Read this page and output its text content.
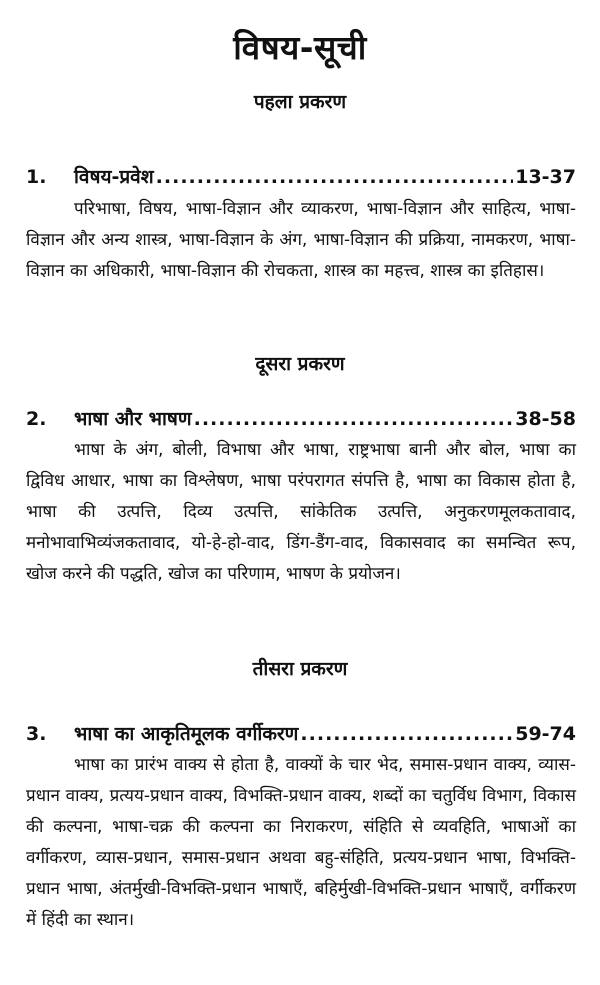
विषय-सूची
पहला प्रकरण
1.	विषय-प्रवेश .....	13-37

परिभाषा, विषय, भाषा-विज्ञान और व्याकरण, भाषा-विज्ञान और साहित्य, भाषा-विज्ञान और अन्य शास्त्र, भाषा-विज्ञान के अंग, भाषा-विज्ञान की प्रक्रिया, नामकरण, भाषा-विज्ञान का अधिकारी, भाषा-विज्ञान की रोचकता, शास्त्र का महत्त्व, शास्त्र का इतिहास।

दूसरा प्रकरण
2.	भाषा और भाषण .....	38-58

भाषा के अंग, बोली, विभाषा और भाषा, राष्ट्रभाषा बानी और बोल, भाषा का द्विविध आधार, भाषा का विश्लेषण, भाषा परंपरागत संपत्ति है, भाषा का विकास होता है, भाषा की उत्पत्ति, दिव्य उत्पत्ति, सांकेतिक उत्पत्ति, अनुकरणमूलकतावाद, मनोभावाभिव्यंजकतावाद, यो-हे-हो-वाद, डिंग-डैंग-वाद, विकासवाद का समन्वित रूप, खोज करने की पद्धति, खोज का परिणाम, भाषण के प्रयोजन।

तीसरा प्रकरण
3.	भाषा का आकृतिमूलक वर्गीकरण .....	59-74

भाषा का प्रारंभ वाक्य से होता है, वाक्यों के चार भेद, समास-प्रधान वाक्य, व्यास-प्रधान वाक्य, प्रत्यय-प्रधान वाक्य, विभक्ति-प्रधान वाक्य, शब्दों का चतुर्विध विभाग, विकास की कल्पना, भाषा-चक्र की कल्पना का निराकरण, संहिति से व्यवहिति, भाषाओं का वर्गीकरण, व्यास-प्रधान, समास-प्रधान अथवा बहु-संहिति, प्रत्यय-प्रधान भाषा, विभक्ति-प्रधान भाषा, अंतर्मुखी-विभक्ति-प्रधान भाषाएँ, बहिर्मुखी-विभक्ति-प्रधान भाषाएँ, वर्गीकरण में हिंदी का स्थान।
